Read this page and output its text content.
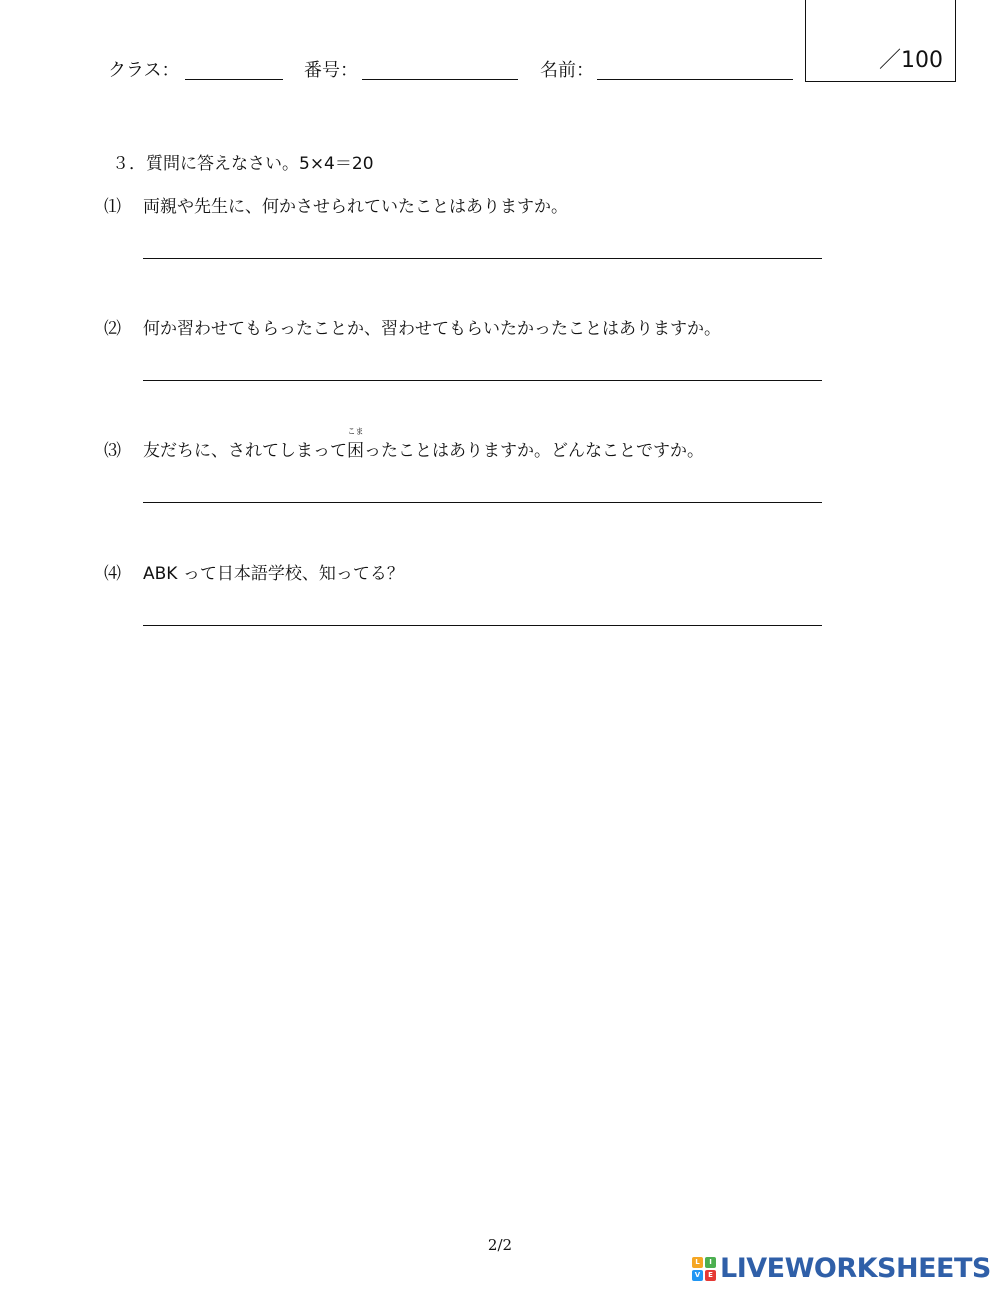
クラス：	番号：	名前：	／100
３．質問に答えなさい。5×4＝20
⑴ 両親や先生に、何かさせられていたことはありますか。
⑵ 何か習わせてもらったことか、習わせてもらいたかったことはありますか。
⑶ 友だちに、されてしまって困
こま
ったことはありますか。どんなことですか。
⑷ ABK って日本語学校、知ってる？
2/2
L	I
V	E LIVEWORKSHEETS
